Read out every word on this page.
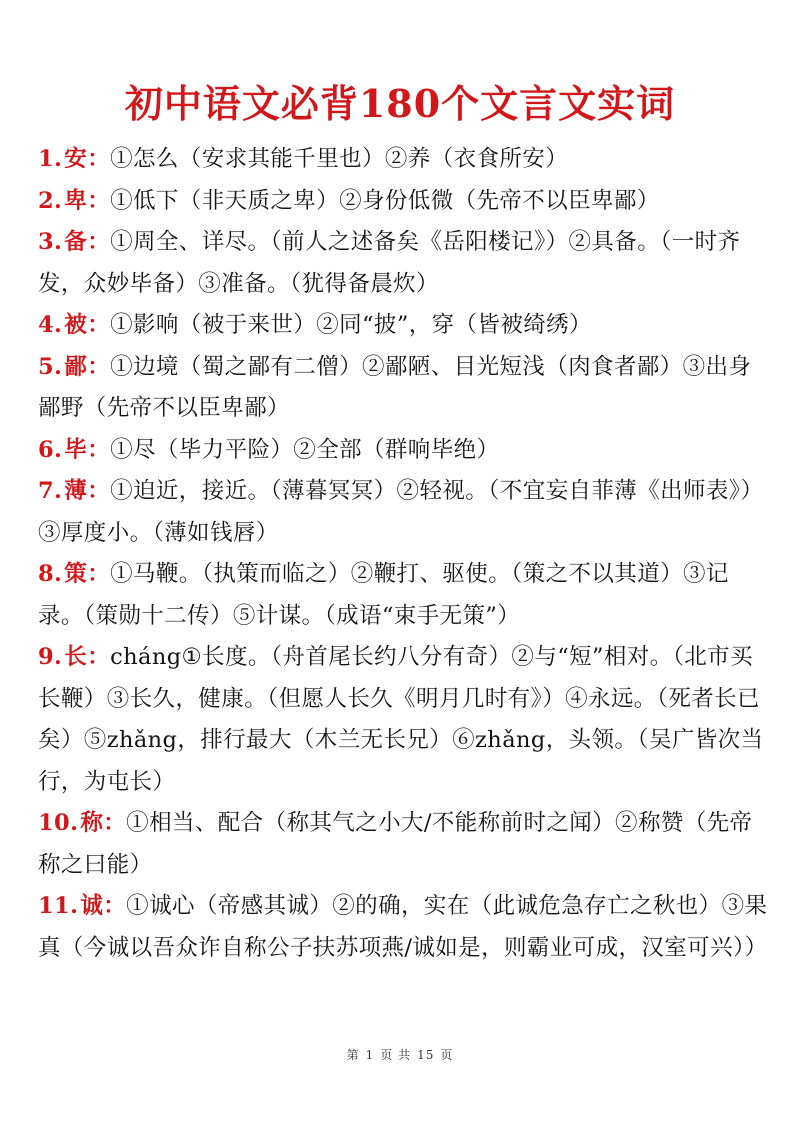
初中语文必背180个文言文实词
1.安：①怎么（安求其能千里也）②养（衣食所安）
2.卑：①低下（非天质之卑）②身份低微（先帝不以臣卑鄙）
3.备：①周全、详尽。（前人之述备矣《岳阳楼记》）②具备。（一时齐发，众妙毕备）③准备。（犹得备晨炊）
4.被：①影响（被于来世）②同“披”，穿（皆被绮绣）
5.鄙：①边境（蜀之鄙有二僧）②鄙陋、目光短浅（肉食者鄙）③出身鄙野（先帝不以臣卑鄙）
6.毕：①尽（毕力平险）②全部（群响毕绝）
7.薄：①迫近，接近。（薄暮冥冥）②轻视。（不宜妄自菲薄《出师表》）③厚度小。（薄如钱唇）
8.策：①马鞭。（执策而临之）②鞭打、驱使。（策之不以其道）③记录。（策勋十二传）⑤计谋。（成语“束手无策”）
9.长：cháng①长度。（舟首尾长约八分有奇）②与“短”相对。（北市买长鞭）③长久，健康。（但愿人长久《明月几时有》）④永远。（死者长已矣）⑤zhǎng，排行最大（木兰无长兄）⑥zhǎng，头领。（吴广皆次当行，为屯长）
10.称：①相当、配合（称其气之小大/不能称前时之闻）②称赞（先帝称之曰能）
11.诚：①诚心（帝感其诚）②的确，实在（此诚危急存亡之秋也）③果真（今诚以吾众诈自称公子扶苏项燕/诚如是，则霸业可成，汉室可兴））
第 1 页 共 15 页
